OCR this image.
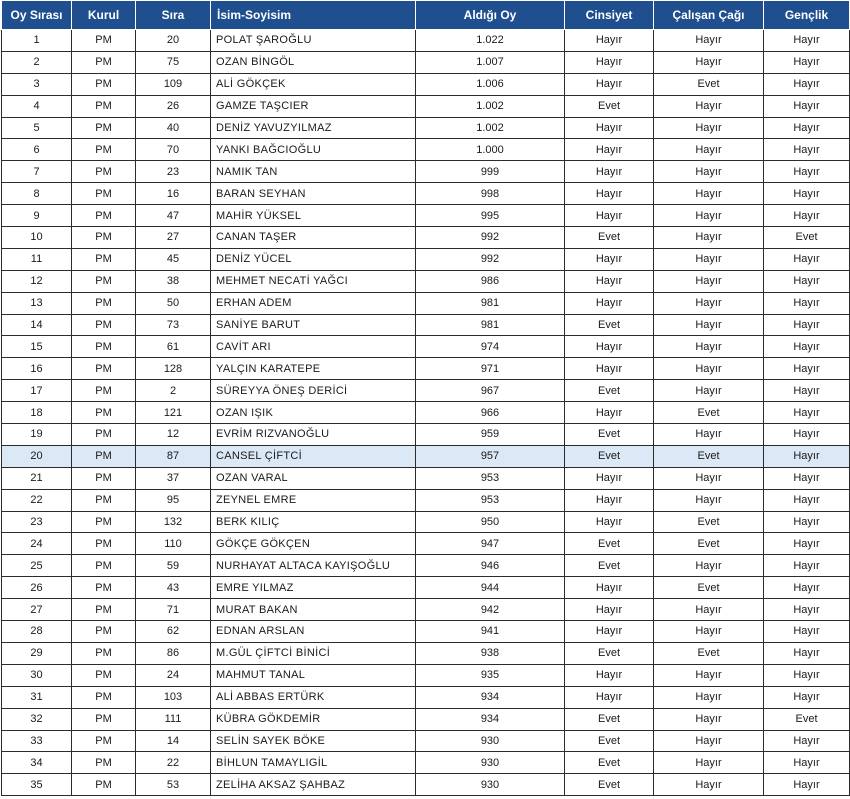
Oy Sırası	Kurul	Sıra	İsim-Soyisim	Aldığı Oy	Cinsiyet	Çalışan Çağı	Gençlik
1	PM	20	POLAT ŞAROĞLU	1.022	Hayır	Hayır	Hayır
2	PM	75	OZAN BİNGÖL	1.007	Hayır	Hayır	Hayır
3	PM	109	ALİ GÖKÇEK	1.006	Hayır	Evet	Hayır
4	PM	26	GAMZE TAŞCIER	1.002	Evet	Hayır	Hayır
5	PM	40	DENİZ YAVUZYILMAZ	1.002	Hayır	Hayır	Hayır
6	PM	70	YANKI BAĞCIOĞLU	1.000	Hayır	Hayır	Hayır
7	PM	23	NAMIK TAN	999	Hayır	Hayır	Hayır
8	PM	16	BARAN SEYHAN	998	Hayır	Hayır	Hayır
9	PM	47	MAHİR YÜKSEL	995	Hayır	Hayır	Hayır
10	PM	27	CANAN TAŞER	992	Evet	Hayır	Evet
11	PM	45	DENİZ YÜCEL	992	Hayır	Hayır	Hayır
12	PM	38	MEHMET NECATİ YAĞCI	986	Hayır	Hayır	Hayır
13	PM	50	ERHAN ADEM	981	Hayır	Hayır	Hayır
14	PM	73	SANİYE BARUT	981	Evet	Hayır	Hayır
15	PM	61	CAVİT ARI	974	Hayır	Hayır	Hayır
16	PM	128	YALÇIN KARATEPE	971	Hayır	Hayır	Hayır
17	PM	2	SÜREYYA ÖNEŞ DERİCİ	967	Evet	Hayır	Hayır
18	PM	121	OZAN IŞIK	966	Hayır	Evet	Hayır
19	PM	12	EVRİM RIZVANOĞLU	959	Evet	Hayır	Hayır
20	PM	87	CANSEL ÇİFTCİ	957	Evet	Evet	Hayır
21	PM	37	OZAN VARAL	953	Hayır	Hayır	Hayır
22	PM	95	ZEYNEL EMRE	953	Hayır	Hayır	Hayır
23	PM	132	BERK KILIÇ	950	Hayır	Evet	Hayır
24	PM	110	GÖKÇE GÖKÇEN	947	Evet	Evet	Hayır
25	PM	59	NURHAYAT ALTACA KAYIŞOĞLU	946	Evet	Hayır	Hayır
26	PM	43	EMRE YILMAZ	944	Hayır	Evet	Hayır
27	PM	71	MURAT BAKAN	942	Hayır	Hayır	Hayır
28	PM	62	EDNAN ARSLAN	941	Hayır	Hayır	Hayır
29	PM	86	M.GÜL ÇİFTCİ BİNİCİ	938	Evet	Evet	Hayır
30	PM	24	MAHMUT TANAL	935	Hayır	Hayır	Hayır
31	PM	103	ALİ ABBAS ERTÜRK	934	Hayır	Hayır	Hayır
32	PM	111	KÜBRA GÖKDEMİR	934	Evet	Hayır	Evet
33	PM	14	SELİN SAYEK BÖKE	930	Evet	Hayır	Hayır
34	PM	22	BİHLUN TAMAYLIGİL	930	Evet	Hayır	Hayır
35	PM	53	ZELİHA AKSAZ ŞAHBAZ	930	Evet	Hayır	Hayır
